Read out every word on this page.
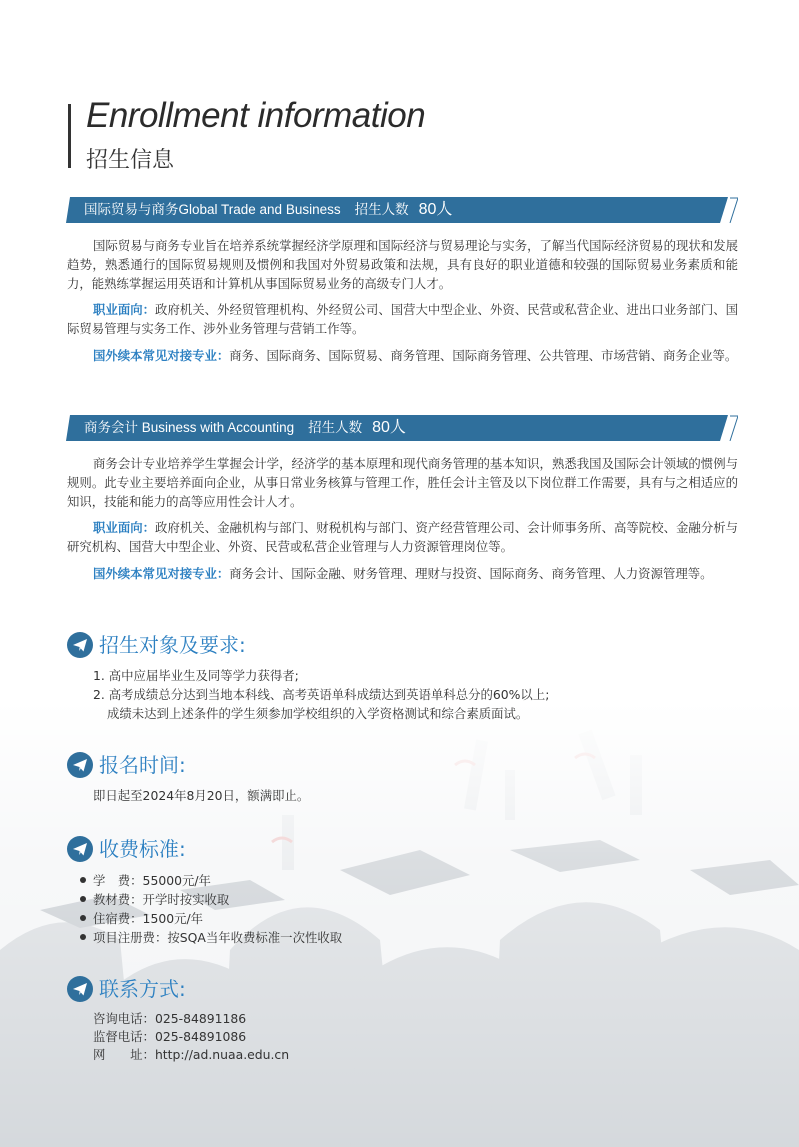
Enrollment information
招生信息
国际贸易与商务Global Trade and Business 招生人数 80人

国际贸易与商务专业旨在培养系统掌握经济学原理和国际经济与贸易理论与实务，了解当代国际经济贸易的现状和发展趋势，熟悉通行的国际贸易规则及惯例和我国对外贸易政策和法规，具有良好的职业道德和较强的国际贸易业务素质和能力，能熟练掌握运用英语和计算机从事国际贸易业务的高级专门人才。

职业面向：政府机关、外经贸管理机构、外经贸公司、国营大中型企业、外资、民营或私营企业、进出口业务部门、国际贸易管理与实务工作、涉外业务管理与营销工作等。

国外续本常见对接专业：商务、国际商务、国际贸易、商务管理、国际商务管理、公共管理、市场营销、商务企业等。

商务会计 Business with Accounting 招生人数 80人

商务会计专业培养学生掌握会计学，经济学的基本原理和现代商务管理的基本知识，熟悉我国及国际会计领域的惯例与规则。此专业主要培养面向企业，从事日常业务核算与管理工作，胜任会计主管及以下岗位群工作需要，具有与之相适应的知识，技能和能力的高等应用性会计人才。

职业面向：政府机关、金融机构与部门、财税机构与部门、资产经营管理公司、会计师事务所、高等院校、金融分析与研究机构、国营大中型企业、外资、民营或私营企业管理与人力资源管理岗位等。

国外续本常见对接专业：商务会计、国际金融、财务管理、理财与投资、国际商务、商务管理、人力资源管理等。

招生对象及要求:
1. 高中应届毕业生及同等学力获得者;
2. 高考成绩总分达到当地本科线、高考英语单科成绩达到英语单科总分的60%以上;
成绩未达到上述条件的学生须参加学校组织的入学资格测试和综合素质面试。
报名时间:
即日起至2024年8月20日，额满即止。
收费标准:
学　费：55000元/年
教材费：开学时按实收取
住宿费：1500元/年
项目注册费：按SQA当年收费标准一次性收取
联系方式:
咨询电话：025-84891186
监督电话：025-84891086
网　　址：http://ad.nuaa.edu.cn
